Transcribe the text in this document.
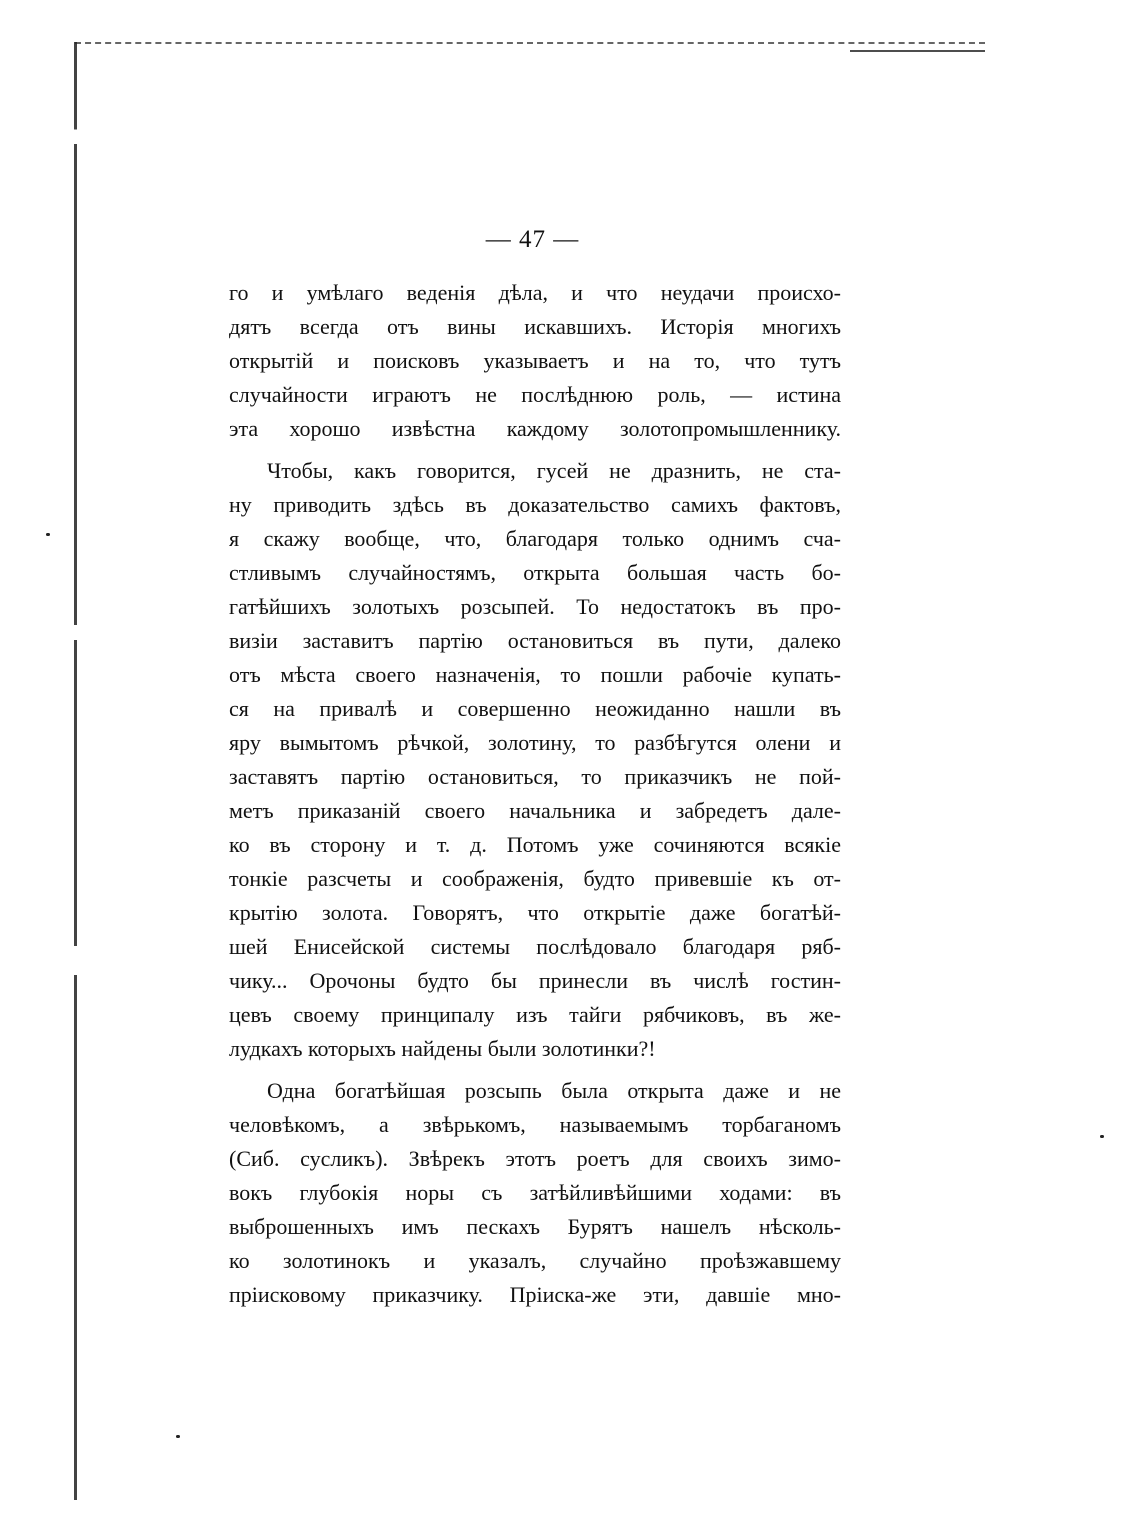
— 47 —
го и умѣлаго веденія дѣла, и что неудачи происхо-
дятъ всегда отъ вины искавшихъ. Исторія многихъ
открытій и поисковъ указываетъ и на то, что тутъ
случайности играютъ не послѣднюю роль, — истина
эта хорошо извѣстна каждому золотопромышленнику.
Чтобы, какъ говорится, гусей не дразнить, не ста-
ну приводить здѣсь въ доказательство самихъ фактовъ,
я скажу вообще, что, благодаря только однимъ сча-
стливымъ случайностямъ, открыта большая часть бо-
гатѣйшихъ золотыхъ розсыпей. То недостатокъ въ про-
визіи заставитъ партію остановиться въ пути, далеко
отъ мѣста своего назначенія, то пошли рабочіе купать-
ся на привалѣ и совершенно неожиданно нашли въ
яру вымытомъ рѣчкой, золотину, то разбѣгутся олени и
заставятъ партію остановиться, то приказчикъ не пой-
метъ приказаній своего начальника и забредетъ дале-
ко въ сторону и т. д. Потомъ уже сочиняются всякіе
тонкіе разсчеты и соображенія, будто привевшіе къ от-
крытію золота. Говорятъ, что открытіе даже богатѣй-
шей Енисейской системы послѣдовало благодаря ряб-
чику... Орочоны будто бы принесли въ числѣ гостин-
цевъ своему принципалу изъ тайги рябчиковъ, въ же-
лудкахъ которыхъ найдены были золотинки?!
Одна богатѣйшая розсыпь была открыта даже и не
человѣкомъ, а звѣрькомъ, называемымъ торбаганомъ
(Сиб. сусликъ). Звѣрекъ этотъ роетъ для своихъ зимо-
вокъ глубокія норы съ затѣйливѣйшими ходами: въ
выброшенныхъ имъ пескахъ Бурятъ нашелъ нѣсколь-
ко золотинокъ и указалъ, случайно проѣзжавшему
пріисковому приказчику. Пріиска-же эти, давшіе мно-
